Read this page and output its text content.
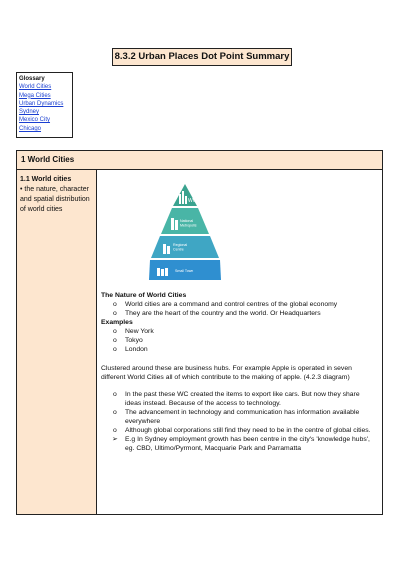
8.3.2 Urban Places Dot Point Summary
Glossary
World Cities
Mega Cities
Urban Dynamics
Sydney
Mexico City
Chicago
1 World Cities
1.1 World cities
• the nature, character and spatial distribution of world cities
WC
National Metropolis
Regional Centre
Small Town
The Nature of World Cities
o World cities are a command and control centres of the global economy
o They are the heart of the country and the world. Or Headquarters
Examples
o New York
o Tokyo
o London
Clustered around these are business hubs. For example Apple is operated in seven different World Cities all of which contribute to the making of apple. (4.2.3 diagram)
o In the past these WC created the items to export like cars. But now they share ideas instead. Because of the access to technology.
o The advancement in technology and communication has information available everywhere
o Although global corporations still find they need to be in the centre of global cities.
➢ E.g In Sydney employment growth has been centre in the city's 'knowledge hubs', eg. CBD, Ultimo/Pyrmont, Macquarie Park and Parramatta
